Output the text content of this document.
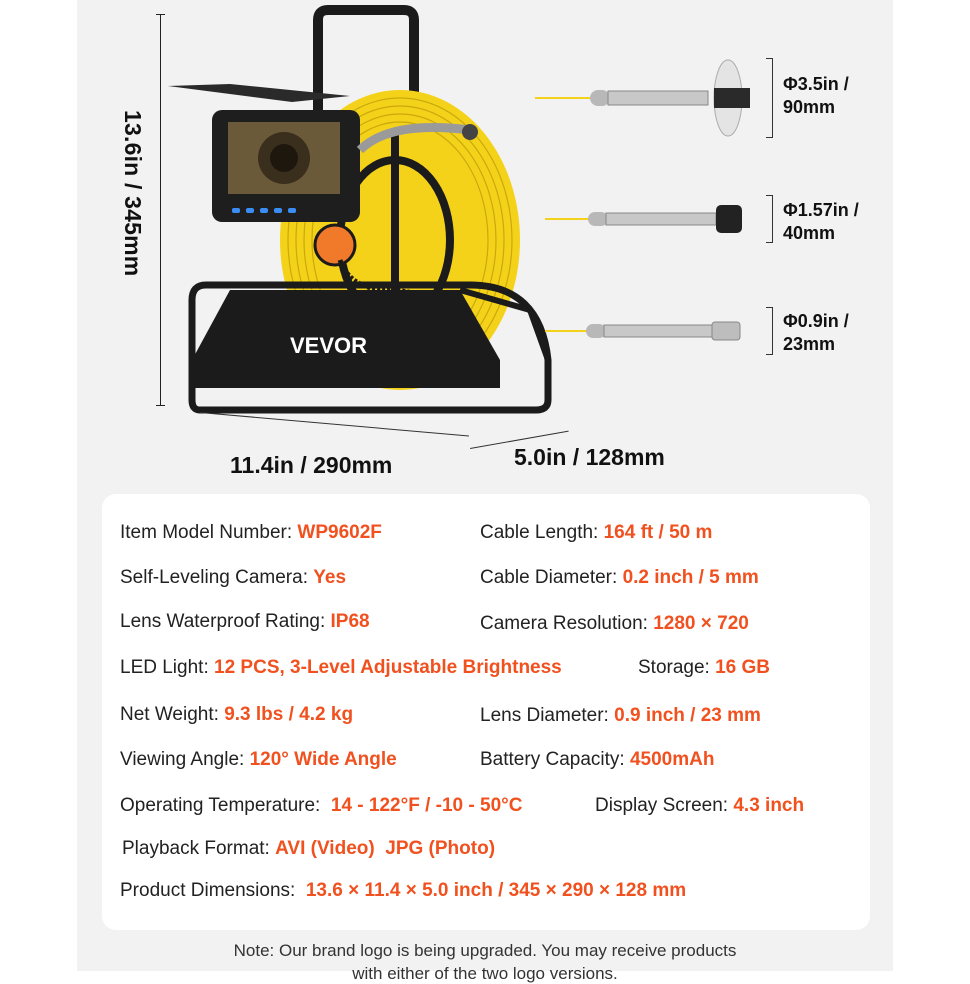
VEVOR
13.6in / 345mm
11.4in / 290mm	5.0in / 128mm
Φ3.5in /
90mm
Φ1.57in /
40mm
Φ0.9in /
23mm
Item Model Number: WP9602F	Cable Length: 164 ft / 50 m
Self-Leveling Camera: Yes	Cable Diameter: 0.2 inch / 5 mm
Lens Waterproof Rating: IP68	Camera Resolution: 1280 × 720
LED Light: 12 PCS, 3-Level Adjustable Brightness	Storage: 16 GB
Net Weight: 9.3 lbs / 4.2 kg	Lens Diameter: 0.9 inch / 23 mm
Viewing Angle: 120° Wide Angle	Battery Capacity: 4500mAh
Operating Temperature: 14 - 122°F / -10 - 50°C	Display Screen: 4.3 inch
Playback Format: AVI (Video)  JPG (Photo)
Product Dimensions: 13.6 × 11.4 × 5.0 inch / 345 × 290 × 128 mm
Note: Our brand logo is being upgraded. You may receive products
with either of the two logo versions.
